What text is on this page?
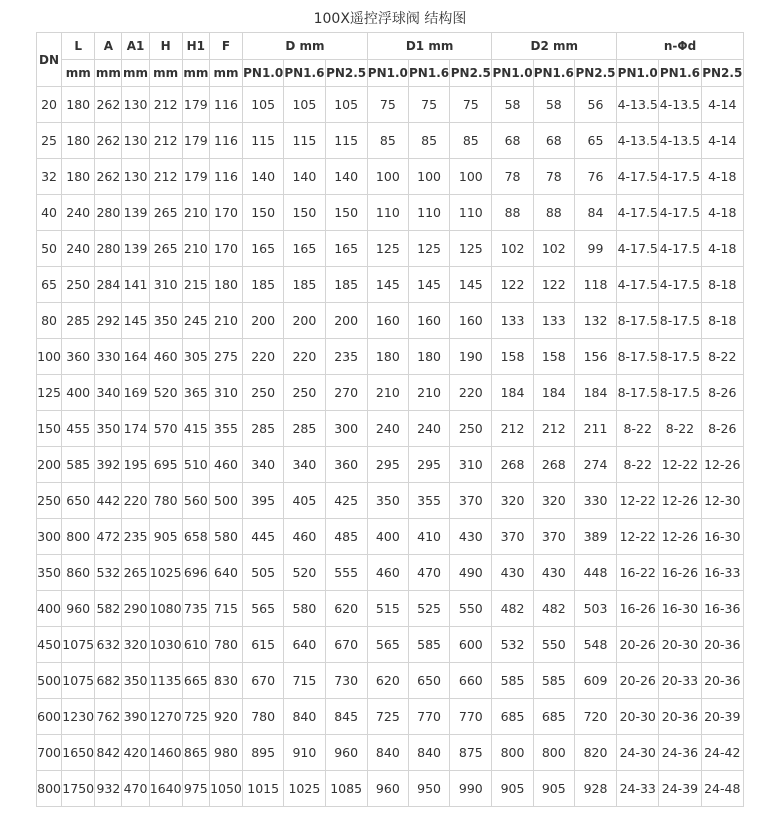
100X遥控浮球阀 结构图
DN	L	A	A1	H	H1	F	D mm			D1 mm			D2 mm			n-Φd		
	mm	mm	mm	mm	mm	mm	PN1.0	PN1.6	PN2.5	PN1.0	PN1.6	PN2.5	PN1.0	PN1.6	PN2.5	PN1.0	PN1.6	PN2.5
20	180	262	130	212	179	116	105	105	105	75	75	75	58	58	56	4-13.5	4-13.5	4-14
25	180	262	130	212	179	116	115	115	115	85	85	85	68	68	65	4-13.5	4-13.5	4-14
32	180	262	130	212	179	116	140	140	140	100	100	100	78	78	76	4-17.5	4-17.5	4-18
40	240	280	139	265	210	170	150	150	150	110	110	110	88	88	84	4-17.5	4-17.5	4-18
50	240	280	139	265	210	170	165	165	165	125	125	125	102	102	99	4-17.5	4-17.5	4-18
65	250	284	141	310	215	180	185	185	185	145	145	145	122	122	118	4-17.5	4-17.5	8-18
80	285	292	145	350	245	210	200	200	200	160	160	160	133	133	132	8-17.5	8-17.5	8-18
100	360	330	164	460	305	275	220	220	235	180	180	190	158	158	156	8-17.5	8-17.5	8-22
125	400	340	169	520	365	310	250	250	270	210	210	220	184	184	184	8-17.5	8-17.5	8-26
150	455	350	174	570	415	355	285	285	300	240	240	250	212	212	211	8-22	8-22	8-26
200	585	392	195	695	510	460	340	340	360	295	295	310	268	268	274	8-22	12-22	12-26
250	650	442	220	780	560	500	395	405	425	350	355	370	320	320	330	12-22	12-26	12-30
300	800	472	235	905	658	580	445	460	485	400	410	430	370	370	389	12-22	12-26	16-30
350	860	532	265	1025	696	640	505	520	555	460	470	490	430	430	448	16-22	16-26	16-33
400	960	582	290	1080	735	715	565	580	620	515	525	550	482	482	503	16-26	16-30	16-36
450	1075	632	320	1030	610	780	615	640	670	565	585	600	532	550	548	20-26	20-30	20-36
500	1075	682	350	1135	665	830	670	715	730	620	650	660	585	585	609	20-26	20-33	20-36
600	1230	762	390	1270	725	920	780	840	845	725	770	770	685	685	720	20-30	20-36	20-39
700	1650	842	420	1460	865	980	895	910	960	840	840	875	800	800	820	24-30	24-36	24-42
800	1750	932	470	1640	975	1050	1015	1025	1085	960	950	990	905	905	928	24-33	24-39	24-48
